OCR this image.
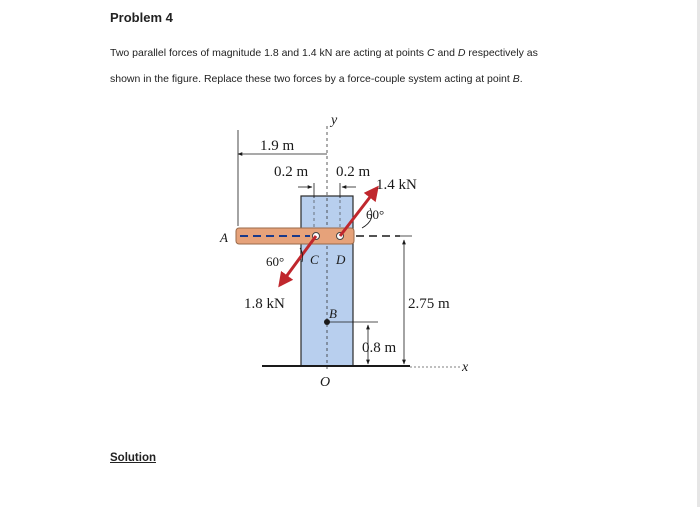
Problem 4
Two parallel forces of magnitude 1.8 and 1.4 kN are acting at points C and D respectively as
shown in the figure. Replace these two forces by a force-couple system acting at point B.
1.9 m
0.2 m 0.2 m
1.4 kN
60°
60°
1.8 kN	2.75 m
0.8 m
A
C D
B
O
x
y
Solution
